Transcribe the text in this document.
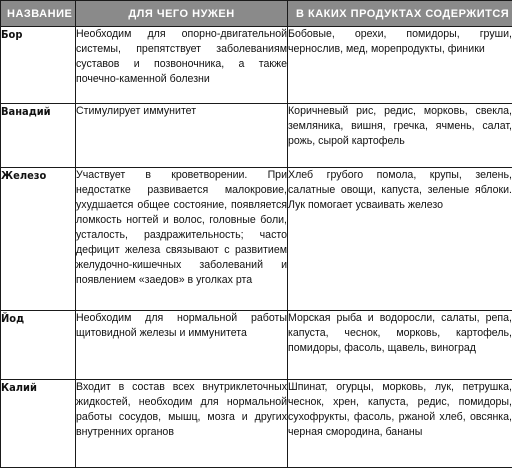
НАЗВАНИЕ	ДЛЯ ЧЕГО НУЖЕН	В КАКИХ ПРОДУКТАХ СОДЕРЖИТСЯ
Бор	Необходим для опорно-двигательной системы, препятствует заболеваниям суставов и позвоночника, а также почечно-каменной болезни	Бобовые, орехи, помидоры, груши, чернослив, мед, морепродукты, финики
Ванадий	Стимулирует иммунитет	Коричневый рис, редис, морковь, свекла, земляника, вишня, гречка, ячмень, салат, рожь, сырой картофель
Железо	Участвует в кроветворении. При недостатке развивается малокровие, ухудшается общее состояние, появляется ломкость ногтей и волос, головные боли, усталость, раздражительность; часто дефицит железа связывают с развитием желудочно-кишечных заболеваний и появлением «заедов» в уголках рта	Хлеб грубого помола, крупы, зелень, салатные овощи, капуста, зеленые яблоки. Лук помогает усваивать железо
Йод	Необходим для нормальной работы щитовидной железы и иммунитета	Морская рыба и водоросли, салаты, репа, капуста, чеснок, морковь, картофель, помидоры, фасоль, щавель, виноград
Калий	Входит в состав всех внутриклеточных жидкостей, необходим для нормальной работы сосудов, мышц, мозга и других внутренних органов	Шпинат, огурцы, морковь, лук, петрушка, чеснок, хрен, капуста, редис, помидоры, сухофрукты, фасоль, ржаной хлеб, овсянка, черная смородина, бананы
